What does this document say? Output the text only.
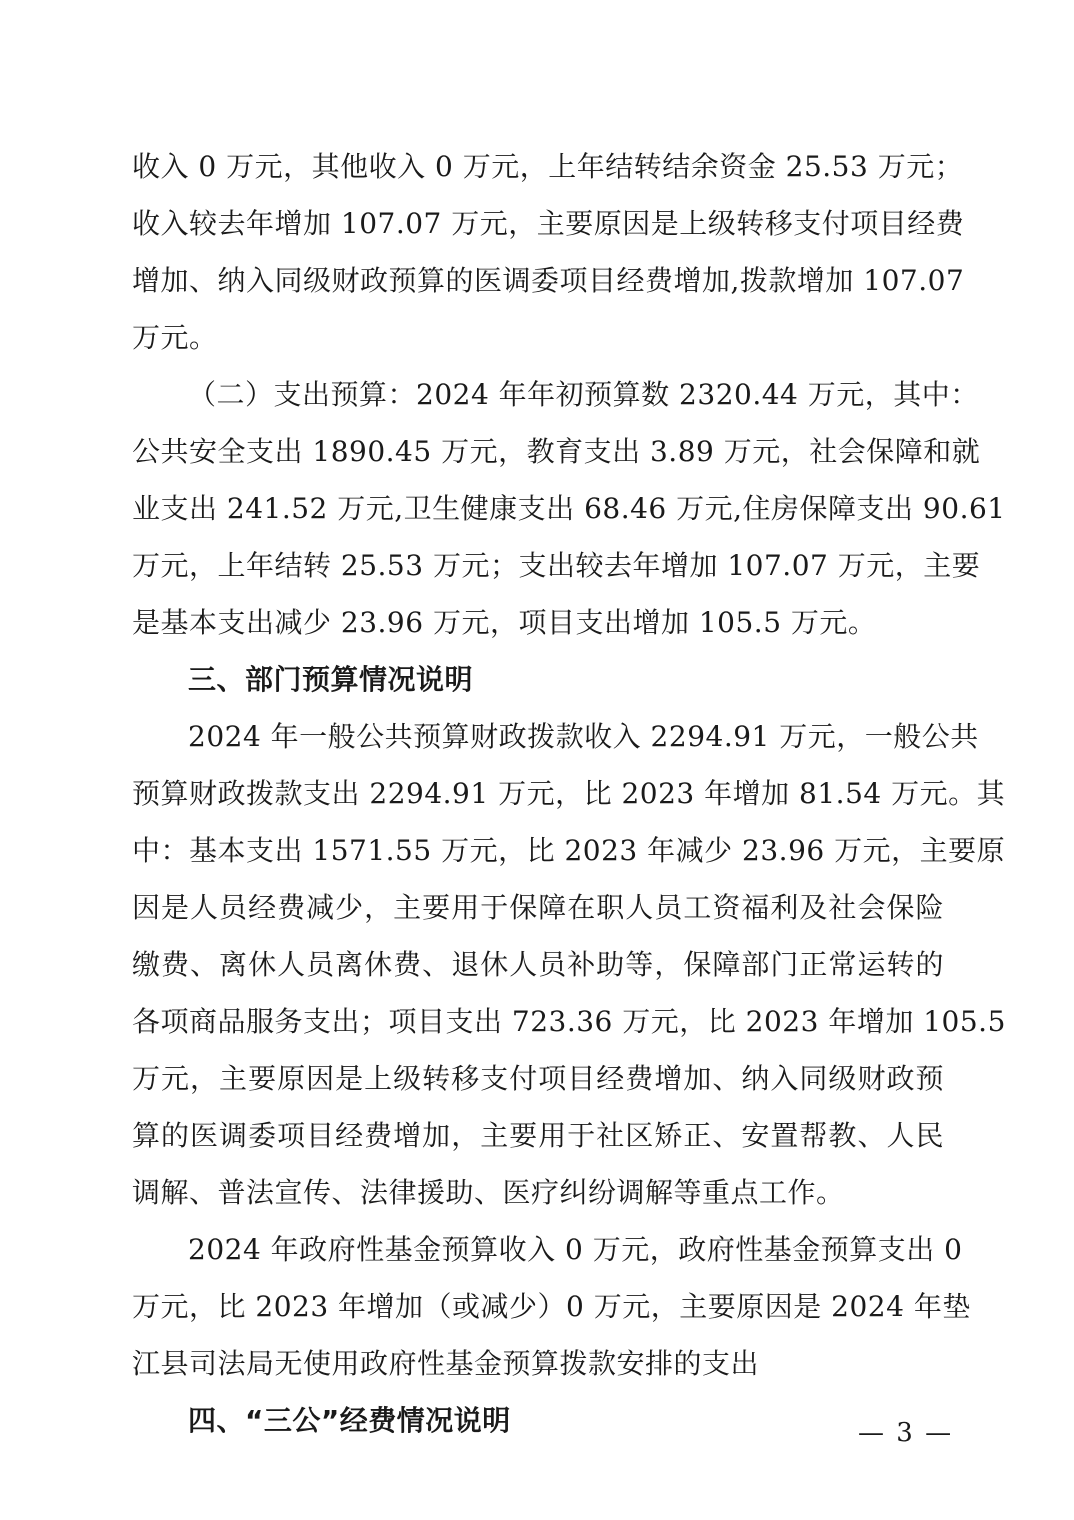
收入 0 万元，其他收入 0 万元，上年结转结余资金 25.53 万元；
收入较去年增加 107.07 万元，主要原因是上级转移支付项目经费
增加、纳入同级财政预算的医调委项目经费增加,拨款增加 107.07
万元。
（二）支出预算：2024 年年初预算数 2320.44 万元，其中：
公共安全支出 1890.45 万元，教育支出 3.89 万元，社会保障和就
业支出 241.52 万元,卫生健康支出 68.46 万元,住房保障支出 90.61
万元，上年结转 25.53 万元；支出较去年增加 107.07 万元，主要
是基本支出减少 23.96 万元，项目支出增加 105.5 万元。
三、部门预算情况说明
2024 年一般公共预算财政拨款收入 2294.91 万元，一般公共
预算财政拨款支出 2294.91 万元，比 2023 年增加 81.54 万元。其
中：基本支出 1571.55 万元，比 2023 年减少 23.96 万元，主要原
因是人员经费减少，主要用于保障在职人员工资福利及社会保险
缴费、离休人员离休费、退休人员补助等，保障部门正常运转的
各项商品服务支出；项目支出 723.36 万元，比 2023 年增加 105.5
万元，主要原因是上级转移支付项目经费增加、纳入同级财政预
算的医调委项目经费增加，主要用于社区矫正、安置帮教、人民
调解、普法宣传、法律援助、医疗纠纷调解等重点工作。
2024 年政府性基金预算收入 0 万元，政府性基金预算支出 0
万元，比 2023 年增加（或减少）0 万元，主要原因是 2024 年垫
江县司法局无使用政府性基金预算拨款安排的支出
四、“三公”经费情况说明	— 3 —
